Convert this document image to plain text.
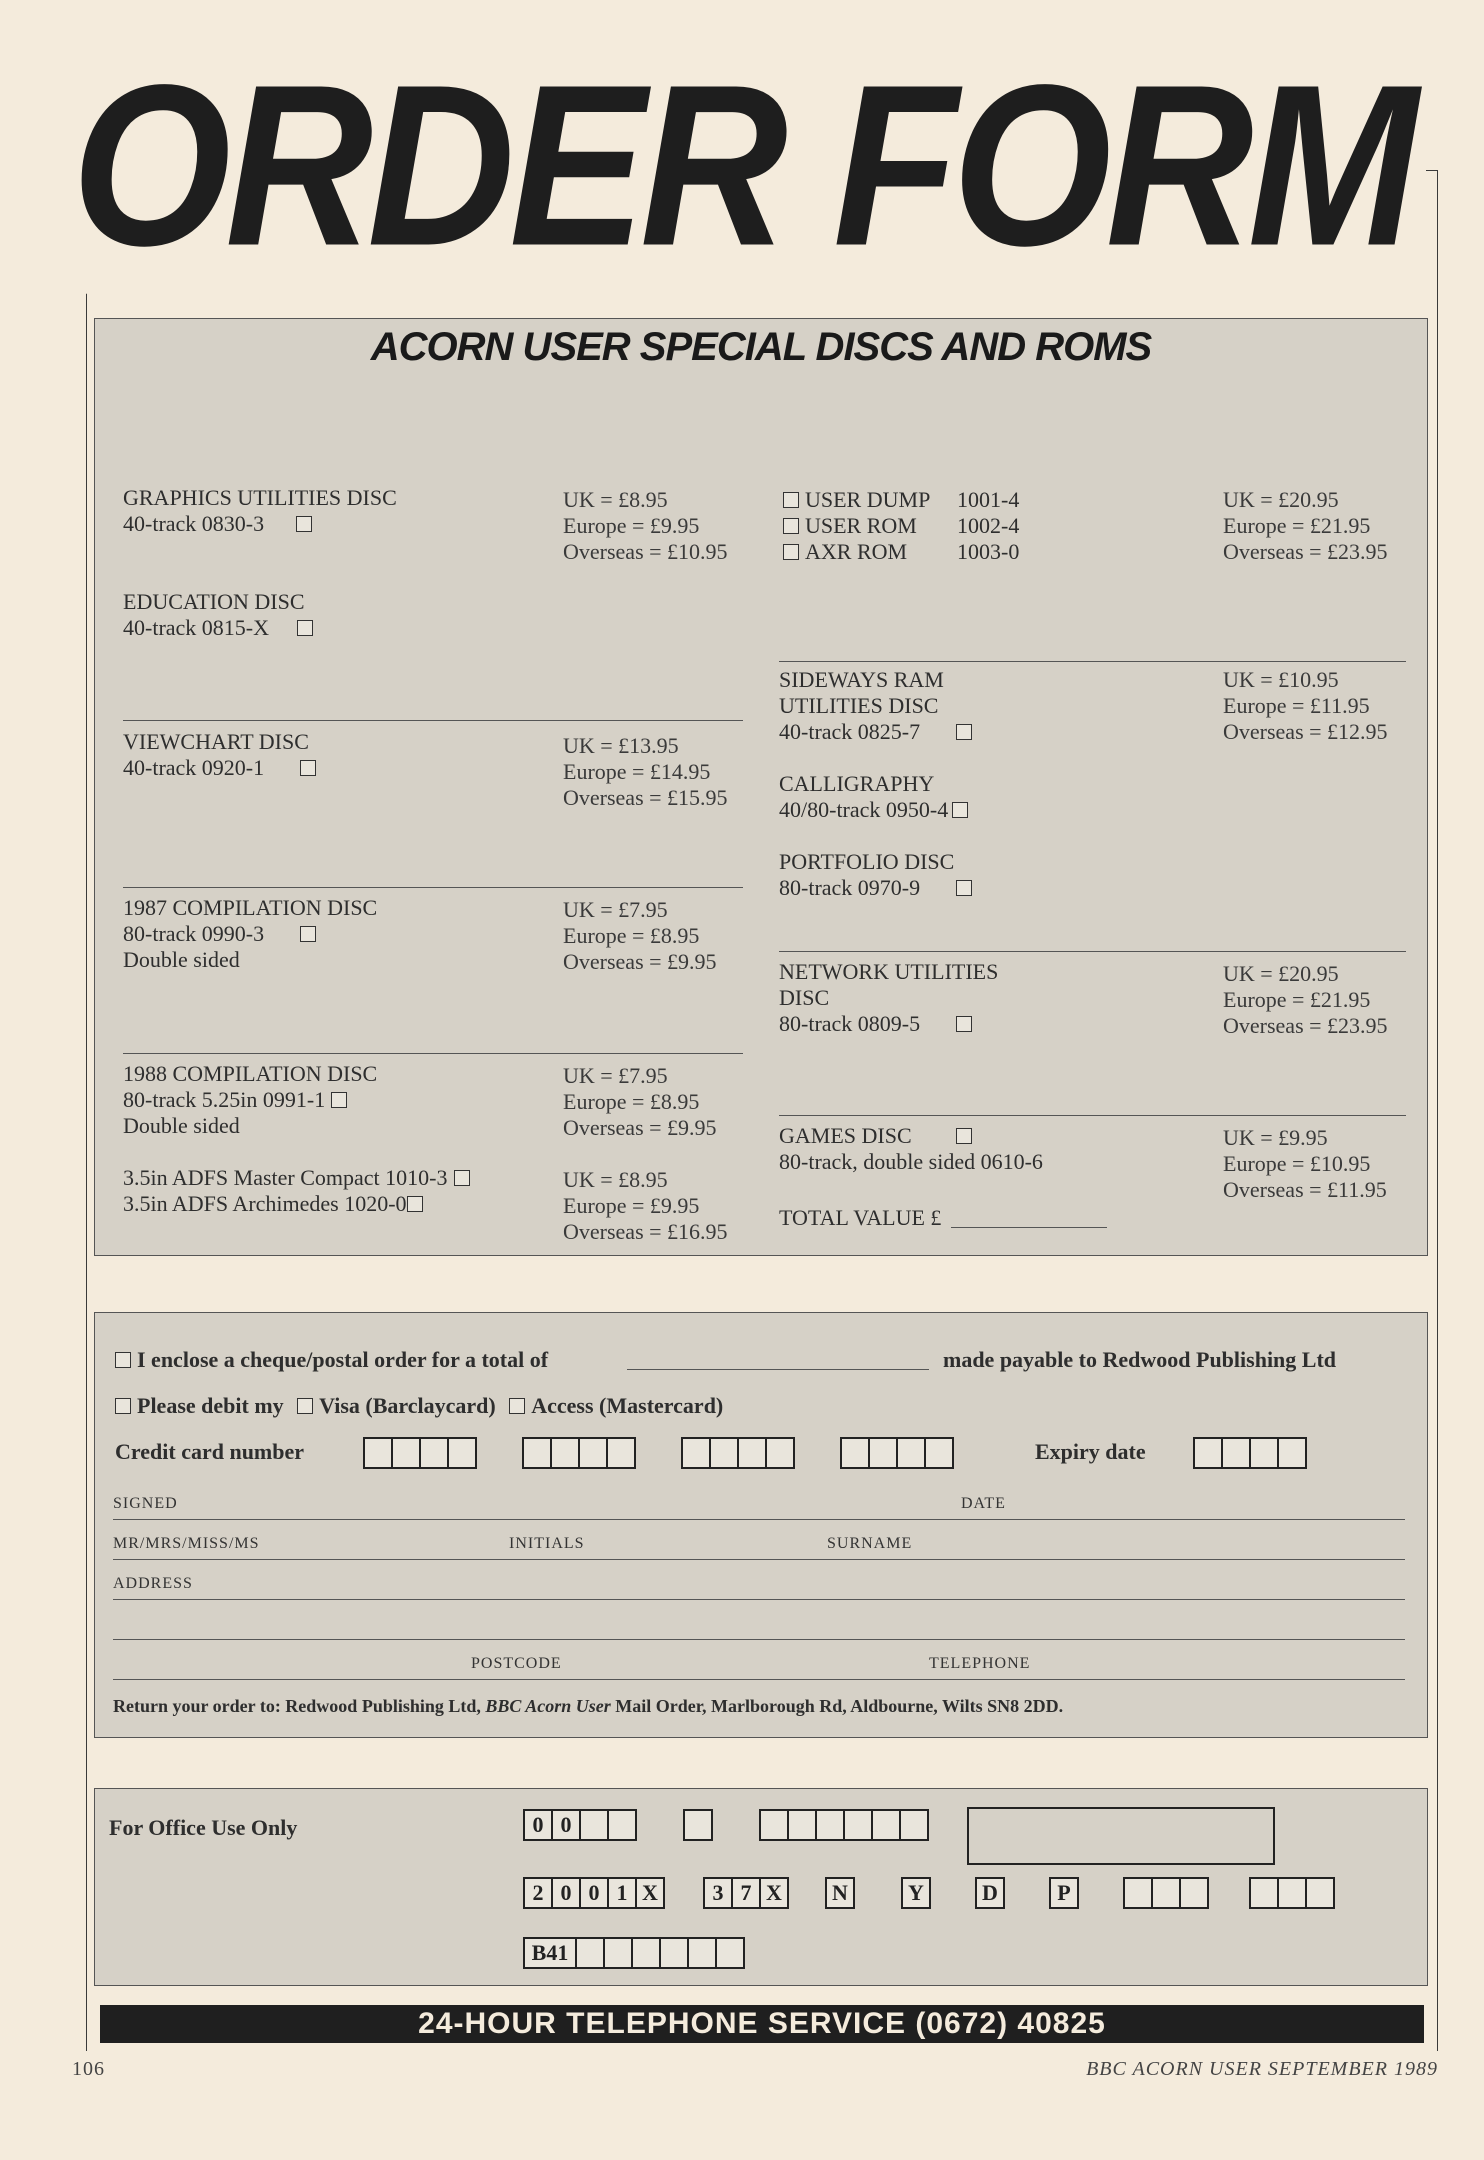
ORDER FORM
ACORN USER SPECIAL DISCS AND ROMS
GRAPHICS UTILITIES DISC
40-track 0830-3
UK = £8.95
Europe = £9.95
Overseas = £10.95
EDUCATION DISC
40-track 0815-X
VIEWCHART DISC
40-track 0920-1
UK = £13.95
Europe = £14.95
Overseas = £15.95
1987 COMPILATION DISC
80-track 0990-3
Double sided
UK = £7.95
Europe = £8.95
Overseas = £9.95
1988 COMPILATION DISC
80-track 5.25in 0991-1
Double sided
UK = £7.95
Europe = £8.95
Overseas = £9.95
3.5in ADFS Master Compact 1010-3
3.5in ADFS Archimedes 1020-0
UK = £8.95
Europe = £9.95
Overseas = £16.95
USER DUMP 1001-4
USER ROM 1002-4
AXR ROM 1003-0
UK = £20.95
Europe = £21.95
Overseas = £23.95
SIDEWAYS RAM
UTILITIES DISC
40-track 0825-7
UK = £10.95
Europe = £11.95
Overseas = £12.95
CALLIGRAPHY
40/80-track 0950-4
PORTFOLIO DISC
80-track 0970-9
NETWORK UTILITIES
DISC
80-track 0809-5
UK = £20.95
Europe = £21.95
Overseas = £23.95
GAMES DISC
80-track, double sided 0610-6
UK = £9.95
Europe = £10.95
Overseas = £11.95
TOTAL VALUE £
I enclose a cheque/postal order for a total of	made payable to Redwood Publishing Ltd
Please debit my Visa (Barclaycard) Access (Mastercard)
Credit card number	Expiry date
SIGNED	DATE
MR/MRS/MISS/MS	INITIALS	SURNAME
ADDRESS
POSTCODE	TELEPHONE
Return your order to: Redwood Publishing Ltd, BBC Acorn User Mail Order, Marlborough Rd, Aldbourne, Wilts SN8 2DD.
For Office Use Only	0 0
2 0 0 1 X	3 7 X N	Y	D	P
B41
24-HOUR TELEPHONE SERVICE (0672) 40825
106	BBC ACORN USER SEPTEMBER 1989
